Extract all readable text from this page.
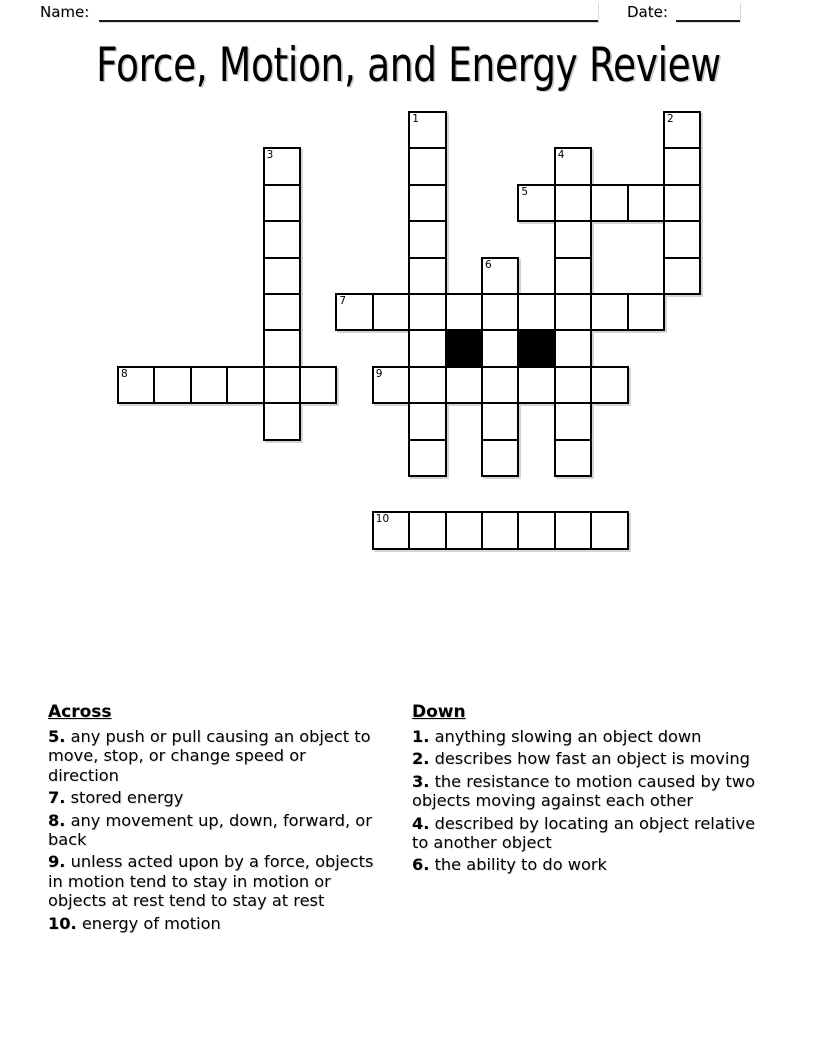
Name:	Date:
Force, Motion, and Energy Review
1	2
3	4
5
6
7
8	9
10

Across

5. any push or pull causing an object to move, stop, or change speed or direction

7. stored energy

8. any movement up, down, forward, or back

9. unless acted upon by a force, objects in motion tend to stay in motion or objects at rest tend to stay at rest

10. energy of motion

Down

1. anything slowing an object down

2. describes how fast an object is moving

3. the resistance to motion caused by two objects moving against each other

4. described by locating an object relative to another object

6. the ability to do work
